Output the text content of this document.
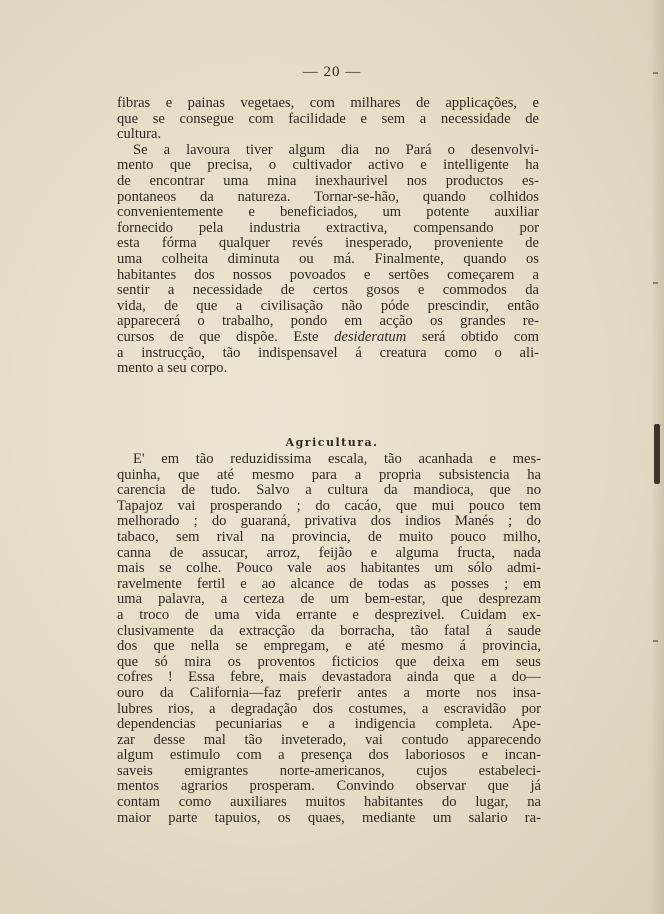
— 20 —

fibras e painas vegetaes, com milhares de applicações, e
que se consegue com facilidade e sem a necessidade de
cultura.

Se a lavoura tiver algum dia no Pará o desenvolvi-
mento que precisa, o cultivador activo e intelligente ha
de encontrar uma mina inexhaurivel nos productos es-
pontaneos da natureza. Tornar-se-hão, quando colhidos
convenientemente e beneficiados, um potente auxiliar
fornecido pela industria extractiva, compensando por
esta fórma qualquer revés inesperado, proveniente de
uma colheita diminuta ou má. Finalmente, quando os
habitantes dos nossos povoados e sertões começarem a
sentir a necessidade de certos gosos e commodos da
vida, de que a civilisação não póde prescindir, então
apparecerá o trabalho, pondo em acção os grandes re-
cursos de que dispõe. Este desideratum será obtido com
a instrucção, tão indispensavel á creatura como o ali-
mento a seu corpo.

Agricultura.

E' em tão reduzidissima escala, tão acanhada e mes-
quinha, que até mesmo para a propria subsistencia ha
carencia de tudo. Salvo a cultura da mandioca, que no
Tapajoz vai prosperando ; do cacáo, que mui pouco tem
melhorado ; do guaraná, privativa dos indios Manés ; do
tabaco, sem rival na provincia, de muito pouco milho,
canna de assucar, arroz, feijão e alguma fructa, nada
mais se colhe. Pouco vale aos habitantes um sólo admi-
ravelmente fertil e ao alcance de todas as posses ; em
uma palavra, a certeza de um bem-estar, que desprezam
a troco de uma vida errante e desprezivel. Cuidam ex-
clusivamente da extracção da borracha, tão fatal á saude
dos que nella se empregam, e até mesmo á provincia,
que só mira os proventos ficticios que deixa em seus
cofres ! Essa febre, mais devastadora ainda que a do—
ouro da California—faz preferir antes a morte nos insa-
lubres rios, a degradação dos costumes, a escravidão por
dependencias pecuniarias e a indigencia completa. Ape-
zar desse mal tão inveterado, vai contudo apparecendo
algum estimulo com a presença dos laboriosos e incan-
saveis emigrantes norte-americanos, cujos estabeleci-
mentos agrarios prosperam. Convindo observar que já
contam como auxiliares muitos habitantes do lugar, na
maior parte tapuios, os quaes, mediante um salario ra-
